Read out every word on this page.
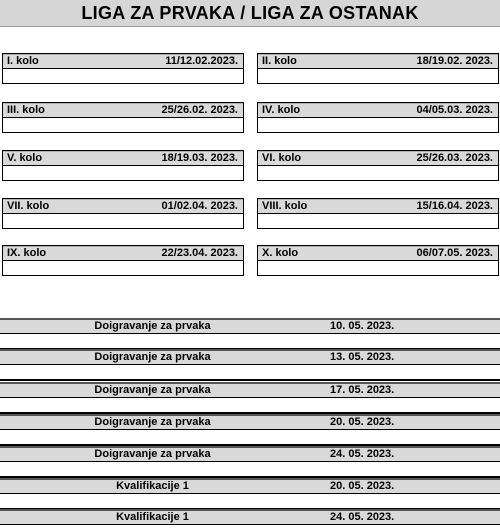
LIGA ZA PRVAKA / LIGA ZA OSTANAK
I. kolo	11/12.02.2023. II. kolo	18/19.02. 2023.
III. kolo	25/26.02. 2023. IV. kolo	04/05.03. 2023.
V. kolo	18/19.03. 2023. VI. kolo	25/26.03. 2023.
VII. kolo	01/02.04. 2023. VIII. kolo	15/16.04. 2023.
IX. kolo	22/23.04. 2023. X. kolo	06/07.05. 2023.
Doigravanje za prvaka	10. 05. 2023.
Doigravanje za prvaka	13. 05. 2023.
Doigravanje za prvaka	17. 05. 2023.
Doigravanje za prvaka	20. 05. 2023.
Doigravanje za prvaka	24. 05. 2023.
Kvalifikacije 1	20. 05. 2023.
Kvalifikacije 1	24. 05. 2023.
